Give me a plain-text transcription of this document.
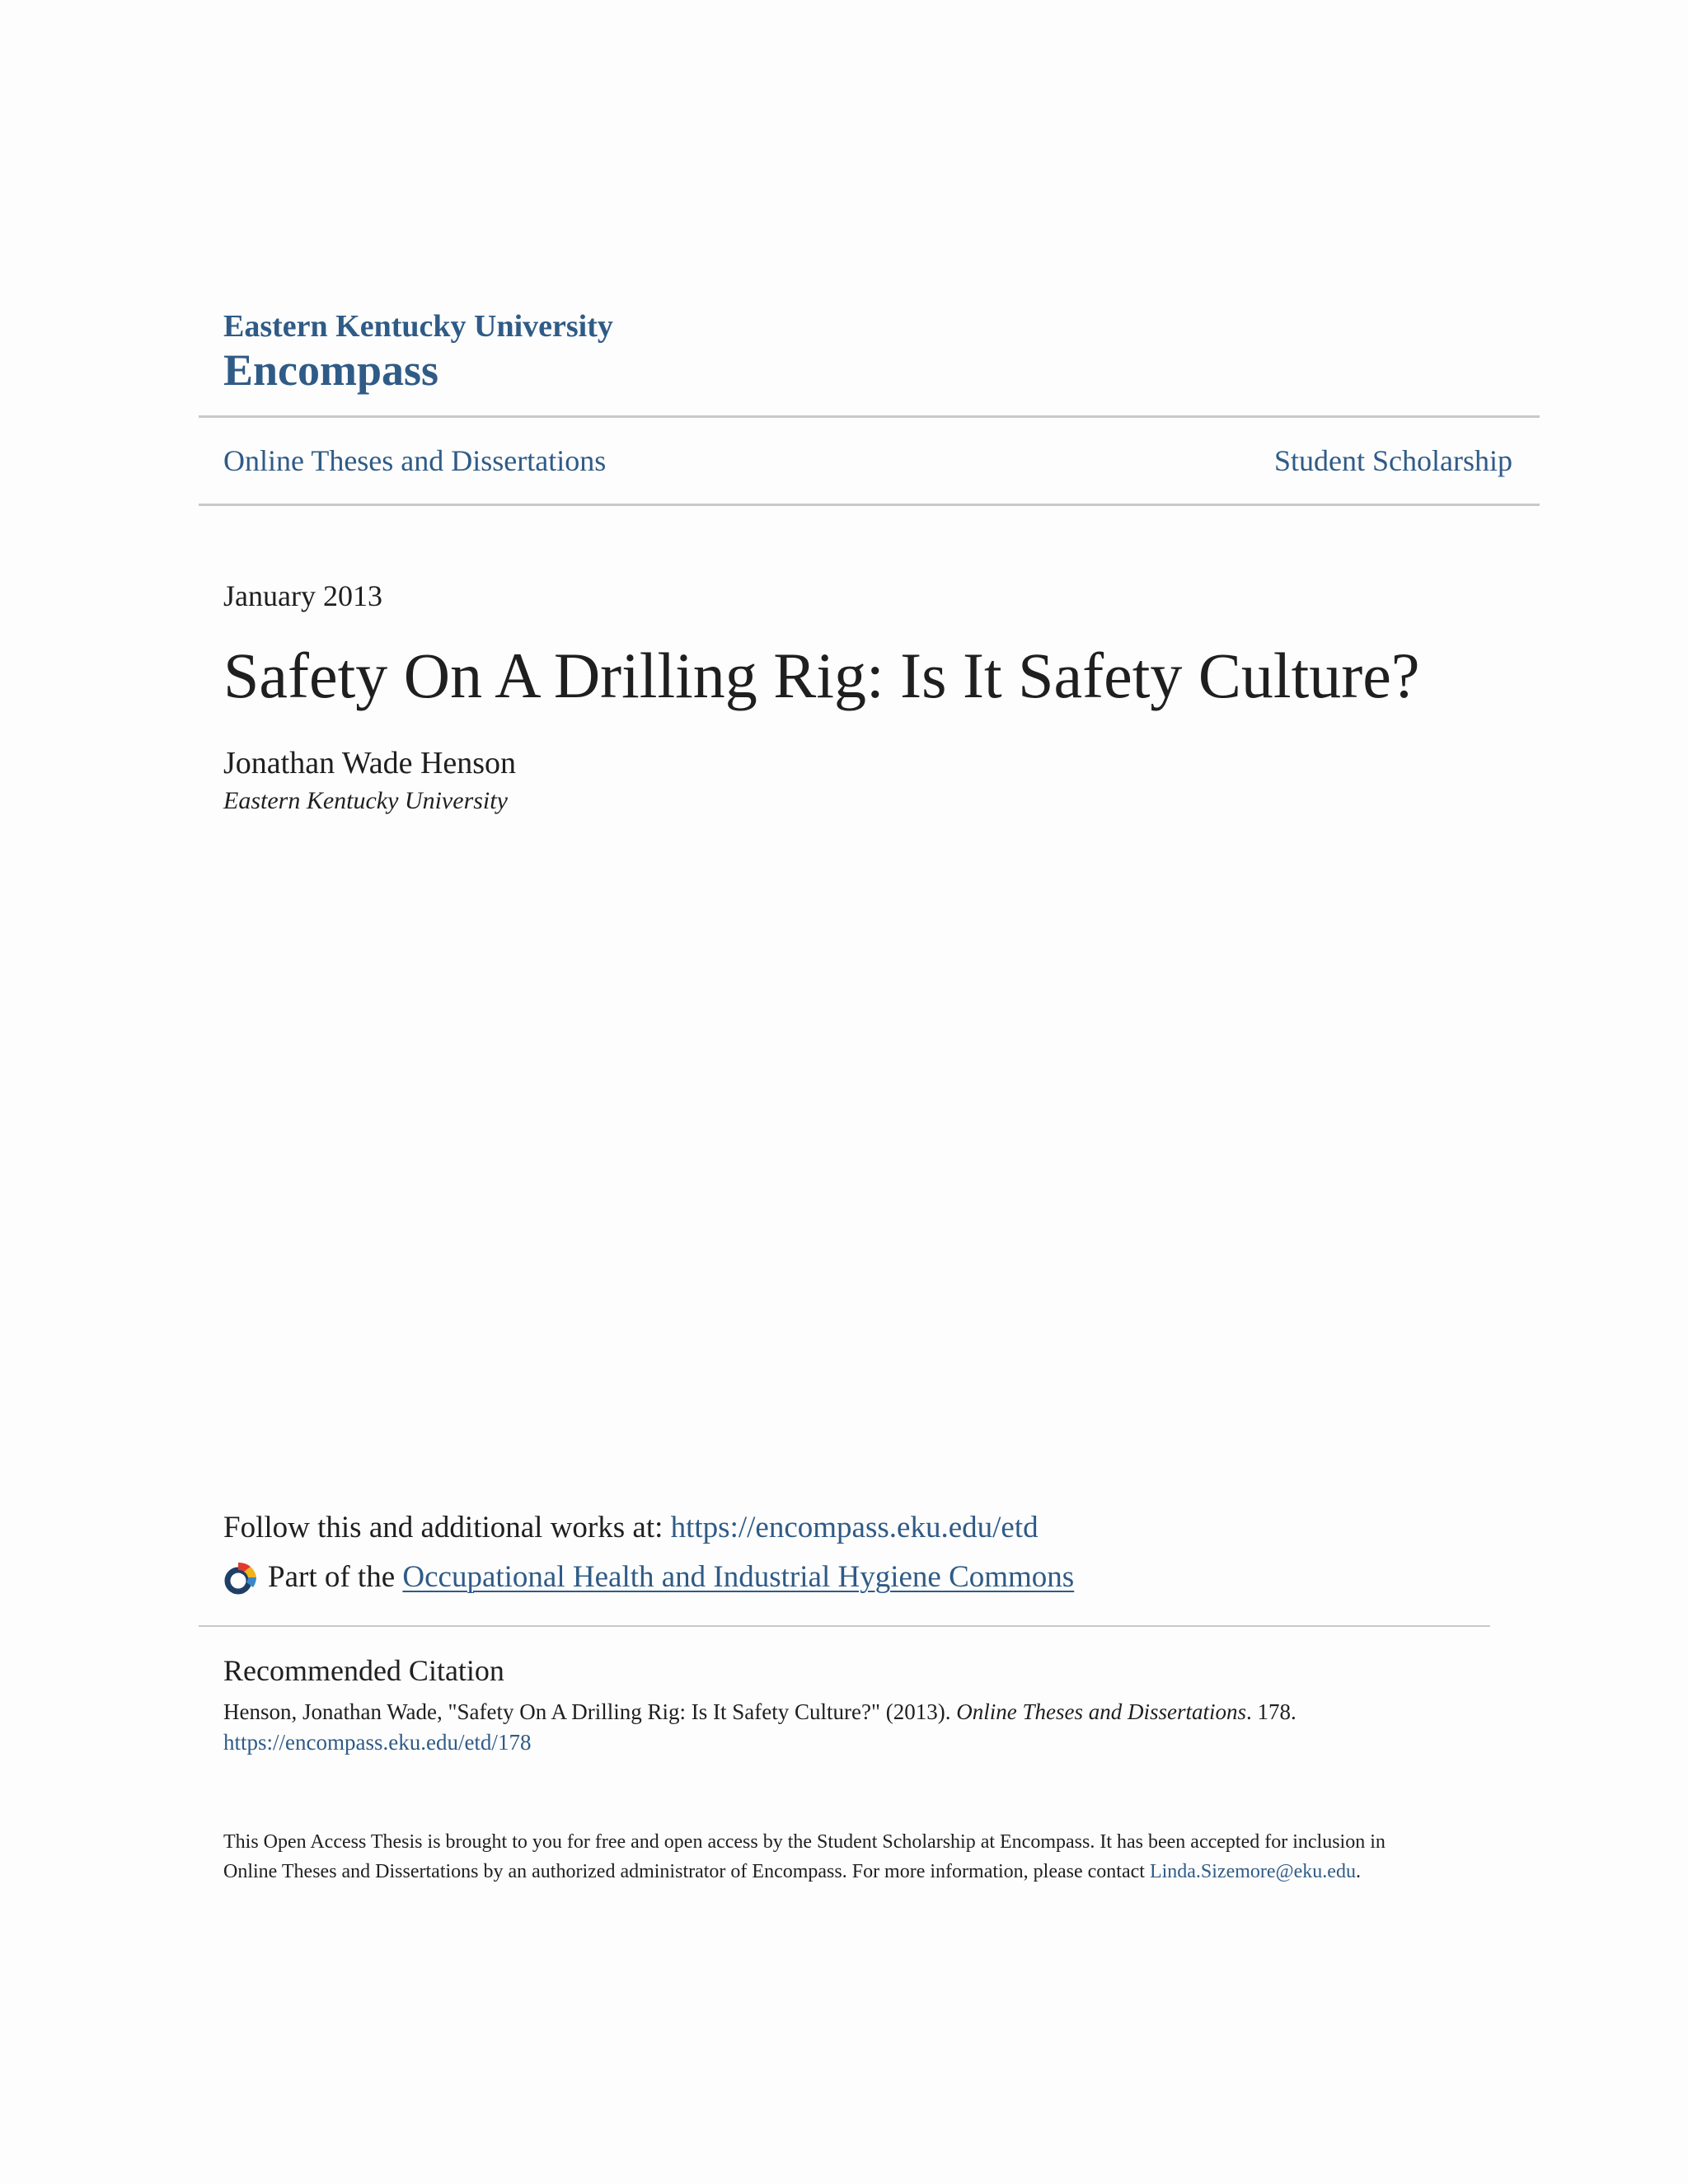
Eastern Kentucky University
Encompass
Online Theses and Dissertations	Student Scholarship
January 2013
Safety On A Drilling Rig: Is It Safety Culture?
Jonathan Wade Henson
Eastern Kentucky University
Follow this and additional works at: https://encompass.eku.edu/etd
Part of the
Occupational Health and Industrial Hygiene Commons
Recommended Citation
Henson, Jonathan Wade, "Safety On A Drilling Rig: Is It Safety Culture?" (2013). Online Theses and Dissertations. 178.
https://encompass.eku.edu/etd/178
This Open Access Thesis is brought to you for free and open access by the Student Scholarship at Encompass. It has been accepted for inclusion in
Online Theses and Dissertations by an authorized administrator of Encompass. For more information, please contact Linda.Sizemore@eku.edu.
